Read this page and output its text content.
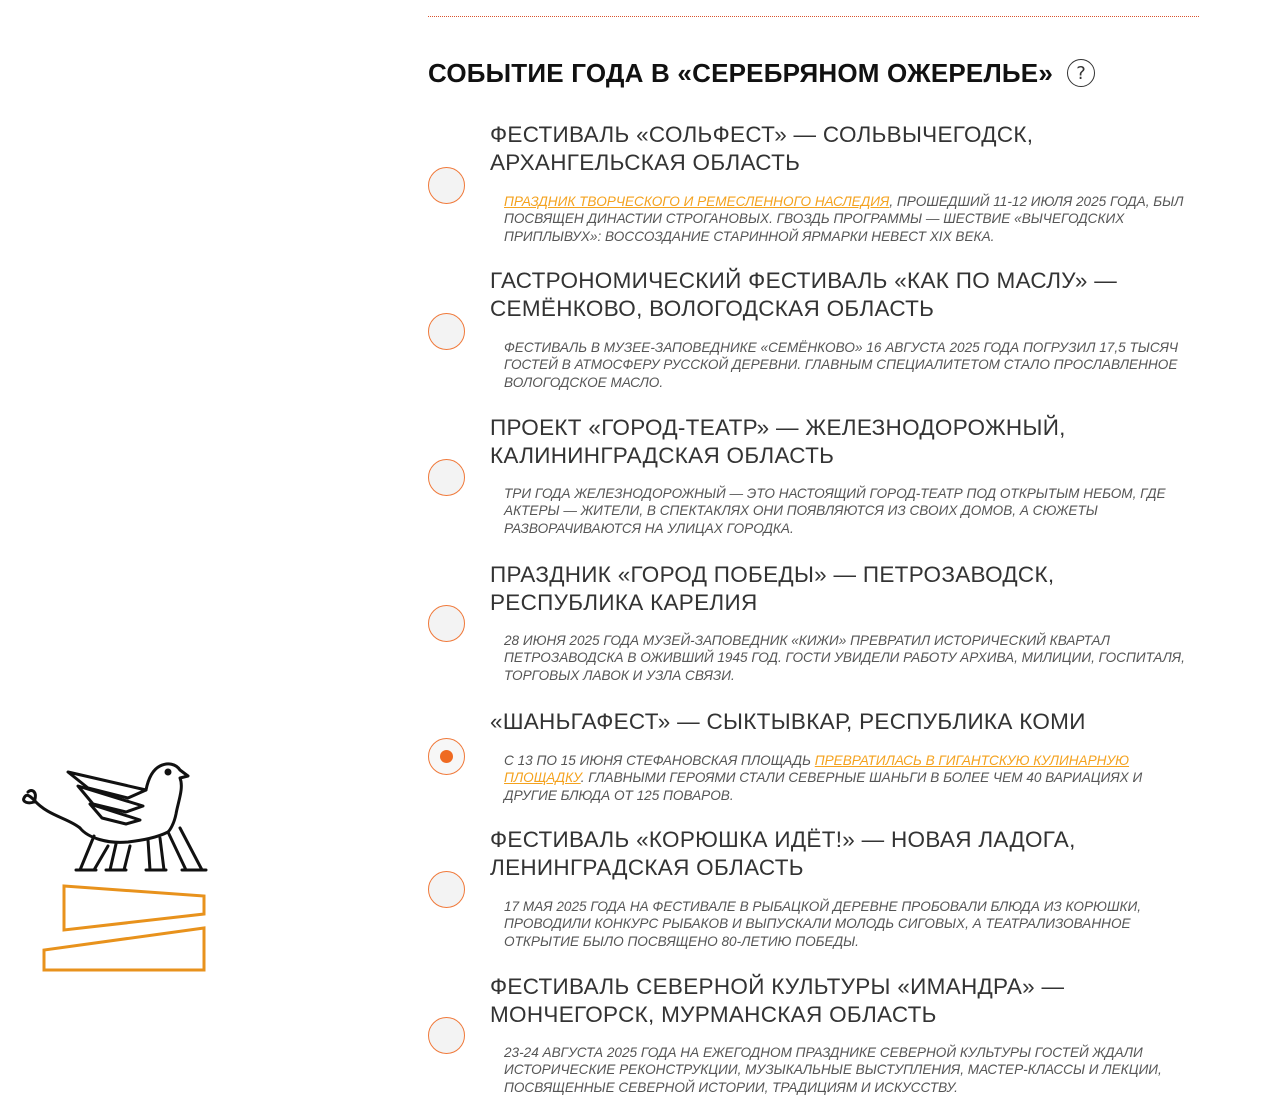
СОБЫТИЕ ГОДА В «СЕРЕБРЯНОМ ОЖЕРЕЛЬЕ»	?
ФЕСТИВАЛЬ «СОЛЬФЕСТ» — СОЛЬВЫЧЕГОДСК, АРХАНГЕЛЬСКАЯ ОБЛАСТЬ
ПРАЗДНИК ТВОРЧЕСКОГО И РЕМЕСЛЕННОГО НАСЛЕДИЯ, ПРОШЕДШИЙ 11-12 ИЮЛЯ 2025 ГОДА, БЫЛ ПОСВЯЩЕН ДИНАСТИИ СТРОГАНОВЫХ. ГВОЗДЬ ПРОГРАММЫ — ШЕСТВИЕ «ВЫЧЕГОДСКИХ ПРИПЛЫВУХ»: ВОССОЗДАНИЕ СТАРИННОЙ ЯРМАРКИ НЕВЕСТ XIX ВЕКА.
ГАСТРОНОМИЧЕСКИЙ ФЕСТИВАЛЬ «КАК ПО МАСЛУ» — СЕМЁНКОВО, ВОЛОГОДСКАЯ ОБЛАСТЬ
ФЕСТИВАЛЬ В МУЗЕЕ-ЗАПОВЕДНИКЕ «СЕМЁНКОВО» 16 АВГУСТА 2025 ГОДА ПОГРУЗИЛ 17,5 ТЫСЯЧ ГОСТЕЙ В АТМОСФЕРУ РУССКОЙ ДЕРЕВНИ. ГЛАВНЫМ СПЕЦИАЛИТЕТОМ СТАЛО ПРОСЛАВЛЕННОЕ ВОЛОГОДСКОЕ МАСЛО.
ПРОЕКТ «ГОРОД-ТЕАТР» — ЖЕЛЕЗНОДОРОЖНЫЙ, КАЛИНИНГРАДСКАЯ ОБЛАСТЬ
ТРИ ГОДА ЖЕЛЕЗНОДОРОЖНЫЙ — ЭТО НАСТОЯЩИЙ ГОРОД-ТЕАТР ПОД ОТКРЫТЫМ НЕБОМ, ГДЕ АКТЕРЫ — ЖИТЕЛИ, В СПЕКТАКЛЯХ ОНИ ПОЯВЛЯЮТСЯ ИЗ СВОИХ ДОМОВ, А СЮЖЕТЫ РАЗВОРАЧИВАЮТСЯ НА УЛИЦАХ ГОРОДКА.
ПРАЗДНИК «ГОРОД ПОБЕДЫ» — ПЕТРОЗАВОДСК, РЕСПУБЛИКА КАРЕЛИЯ
28 ИЮНЯ 2025 ГОДА МУЗЕЙ-ЗАПОВЕДНИК «КИЖИ» ПРЕВРАТИЛ ИСТОРИЧЕСКИЙ КВАРТАЛ ПЕТРОЗАВОДСКА В ОЖИВШИЙ 1945 ГОД. ГОСТИ УВИДЕЛИ РАБОТУ АРХИВА, МИЛИЦИИ, ГОСПИТАЛЯ, ТОРГОВЫХ ЛАВОК И УЗЛА СВЯЗИ.
«ШАНЬГАФЕСТ» — СЫКТЫВКАР, РЕСПУБЛИКА КОМИ
С 13 ПО 15 ИЮНЯ СТЕФАНОВСКАЯ ПЛОЩАДЬ ПРЕВРАТИЛАСЬ В ГИГАНТСКУЮ КУЛИНАРНУЮ ПЛОЩАДКУ. ГЛАВНЫМИ ГЕРОЯМИ СТАЛИ СЕВЕРНЫЕ ШАНЬГИ В БОЛЕЕ ЧЕМ 40 ВАРИАЦИЯХ И ДРУГИЕ БЛЮДА ОТ 125 ПОВАРОВ.
ФЕСТИВАЛЬ «КОРЮШКА ИДЁТ!» — НОВАЯ ЛАДОГА, ЛЕНИНГРАДСКАЯ ОБЛАСТЬ
17 МАЯ 2025 ГОДА НА ФЕСТИВАЛЕ В РЫБАЦКОЙ ДЕРЕВНЕ ПРОБОВАЛИ БЛЮДА ИЗ КОРЮШКИ, ПРОВОДИЛИ КОНКУРС РЫБАКОВ И ВЫПУСКАЛИ МОЛОДЬ СИГОВЫХ, А ТЕАТРАЛИЗОВАННОЕ ОТКРЫТИЕ БЫЛО ПОСВЯЩЕНО 80-ЛЕТИЮ ПОБЕДЫ.
ФЕСТИВАЛЬ СЕВЕРНОЙ КУЛЬТУРЫ «ИМАНДРА» — МОНЧЕГОРСК, МУРМАНСКАЯ ОБЛАСТЬ
23-24 АВГУСТА 2025 ГОДА НА ЕЖЕГОДНОМ ПРАЗДНИКЕ СЕВЕРНОЙ КУЛЬТУРЫ ГОСТЕЙ ЖДАЛИ ИСТОРИЧЕСКИЕ РЕКОНСТРУКЦИИ, МУЗЫКАЛЬНЫЕ ВЫСТУПЛЕНИЯ, МАСТЕР-КЛАССЫ И ЛЕКЦИИ, ПОСВЯЩЕННЫЕ СЕВЕРНОЙ ИСТОРИИ, ТРАДИЦИЯМ И ИСКУССТВУ.
